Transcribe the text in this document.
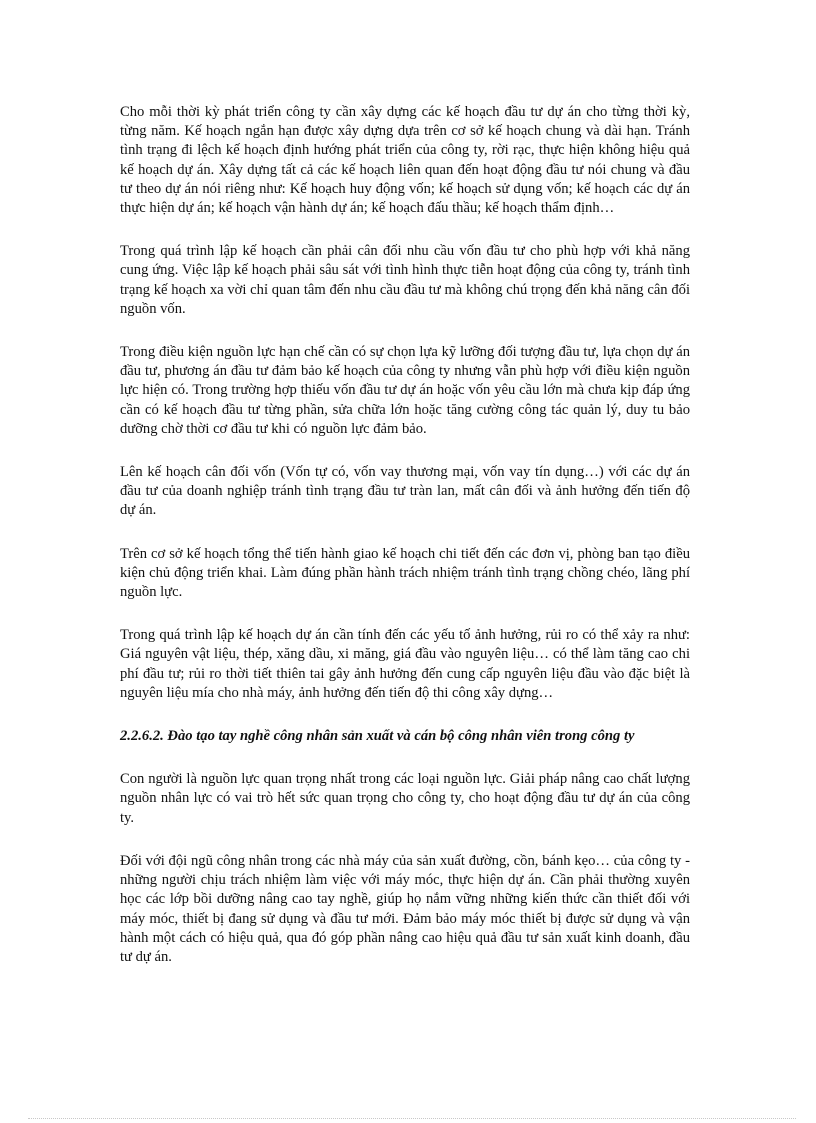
Cho mỗi thời kỳ phát triển công ty cần xây dựng các kế hoạch đầu tư dự án cho từng thời kỳ, từng năm. Kế hoạch ngắn hạn được xây dựng dựa trên cơ sở kế hoạch chung và dài hạn. Tránh tình trạng đi lệch kế hoạch định hướng phát triển của công ty, rời rạc, thực hiện không hiệu quả kế hoạch dự án. Xây dựng tất cả các kế hoạch liên quan đến hoạt động đầu tư nói chung và đầu tư theo dự án nói riêng như: Kế hoạch huy động vốn; kế hoạch sử dụng vốn; kế hoạch các dự án thực hiện dự án; kế hoạch vận hành dự án; kế hoạch đấu thầu; kế hoạch thẩm định…

Trong quá trình lập kế hoạch cần phải cân đối nhu cầu vốn đầu tư cho phù hợp với khả năng cung ứng. Việc lập kế hoạch phải sâu sát với tình hình thực tiễn hoạt động của công ty, tránh tình trạng kế hoạch xa vời chỉ quan tâm đến nhu cầu đầu tư mà không chú trọng đến khả năng cân đối nguồn vốn.

Trong điều kiện nguồn lực hạn chế cần có sự chọn lựa kỹ lưỡng đối tượng đầu tư, lựa chọn dự án đầu tư, phương án đầu tư đảm bảo kế hoạch của công ty nhưng vẫn phù hợp với điều kiện nguồn lực hiện có. Trong trường hợp thiếu vốn đầu tư dự án hoặc vốn yêu cầu lớn mà chưa kịp đáp ứng cần có kế hoạch đầu tư từng phần, sửa chữa lớn hoặc tăng cường công tác quản lý, duy tu bảo dưỡng chờ thời cơ đầu tư khi có nguồn lực đảm bảo.

Lên kế hoạch cân đối vốn (Vốn tự có, vốn vay thương mại, vốn vay tín dụng…) với các dự án đầu tư của doanh nghiệp tránh tình trạng đầu tư tràn lan, mất cân đối và ảnh hưởng đến tiến độ dự án.

Trên cơ sở kế hoạch tổng thể tiến hành giao kế hoạch chi tiết đến các đơn vị, phòng ban tạo điều kiện chủ động triển khai. Làm đúng phần hành trách nhiệm tránh tình trạng chồng chéo, lãng phí nguồn lực.

Trong quá trình lập kế hoạch dự án cần tính đến các yếu tố ảnh hưởng, rủi ro có thể xảy ra như: Giá nguyên vật liệu, thép, xăng dầu, xi măng, giá đầu vào nguyên liệu… có thể làm tăng cao chi phí đầu tư; rủi ro thời tiết thiên tai gây ảnh hưởng đến cung cấp nguyên liệu đầu vào đặc biệt là nguyên liệu mía cho nhà máy, ảnh hưởng đến tiến độ thi công xây dựng…

2.2.6.2. Đào tạo tay nghề công nhân sản xuất và cán bộ công nhân viên trong công ty

Con người là nguồn lực quan trọng nhất trong các loại nguồn lực. Giải pháp nâng cao chất lượng nguồn nhân lực có vai trò hết sức quan trọng cho công ty, cho hoạt động đầu tư dự án của công ty.

Đối với đội ngũ công nhân trong các nhà máy của sản xuất đường, cồn, bánh kẹo… của công ty - những người chịu trách nhiệm làm việc với máy móc, thực hiện dự án. Cần phải thường xuyên học các lớp bồi dưỡng nâng cao tay nghề, giúp họ nắm vững những kiến thức cần thiết đối với máy móc, thiết bị đang sử dụng và đầu tư mới. Đảm bảo máy móc thiết bị được sử dụng và vận hành một cách có hiệu quả, qua đó góp phần nâng cao hiệu quả đầu tư sản xuất kinh doanh, đầu tư dự án.
